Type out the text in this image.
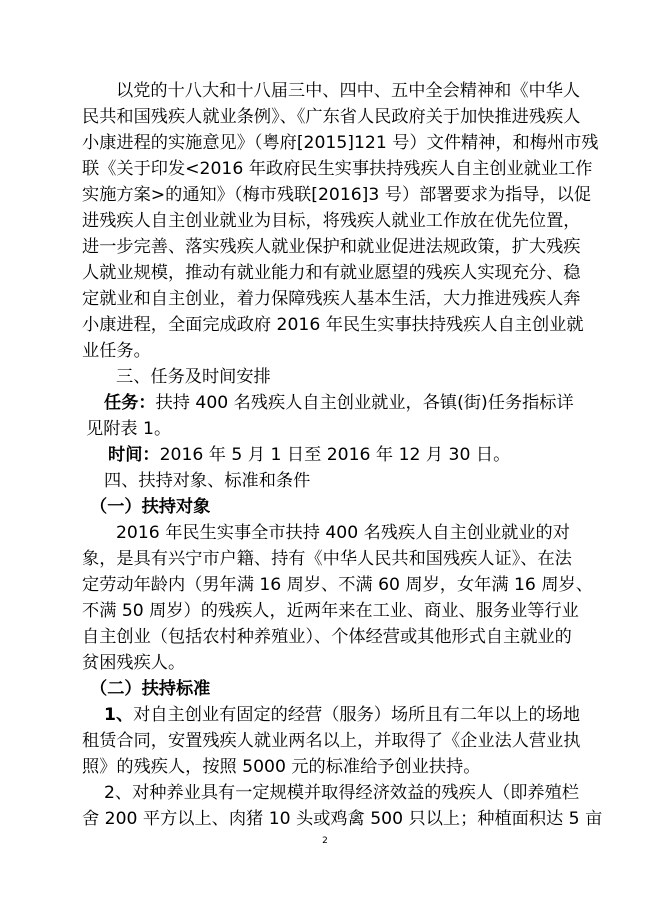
以党的十八大和十八届三中、四中、五中全会精神和《中华人
民共和国残疾人就业条例》、《广东省人民政府关于加快推进残疾人
小康进程的实施意见》（粤府[2015]121 号）文件精神，和梅州市残
联《关于印发<2016 年政府民生实事扶持残疾人自主创业就业工作
实施方案>的通知》（梅市残联[2016]3 号）部署要求为指导，以促
进残疾人自主创业就业为目标，将残疾人就业工作放在优先位置，
进一步完善、落实残疾人就业保护和就业促进法规政策，扩大残疾
人就业规模，推动有就业能力和有就业愿望的残疾人实现充分、稳
定就业和自主创业，着力保障残疾人基本生活，大力推进残疾人奔
小康进程，全面完成政府 2016 年民生实事扶持残疾人自主创业就
业任务。
三、任务及时间安排
任务：扶持 400 名残疾人自主创业就业，各镇(街)任务指标详
见附表 1。
时间：2016 年 5 月 1 日至 2016 年 12 月 30 日。
四、扶持对象、标准和条件
（一）扶持对象
2016 年民生实事全市扶持 400 名残疾人自主创业就业的对
象，是具有兴宁市户籍、持有《中华人民共和国残疾人证》、在法
定劳动年龄内（男年满 16 周岁、不满 60 周岁，女年满 16 周岁、
不满 50 周岁）的残疾人，近两年来在工业、商业、服务业等行业
自主创业（包括农村种养殖业）、个体经营或其他形式自主就业的
贫困残疾人。
（二）扶持标准
1、对自主创业有固定的经营（服务）场所且有二年以上的场地
租赁合同，安置残疾人就业两名以上，并取得了《企业法人营业执
照》的残疾人，按照 5000 元的标准给予创业扶持。
2、对种养业具有一定规模并取得经济效益的残疾人（即养殖栏
舍 200 平方以上、肉猪 10 头或鸡禽 500 只以上；种植面积达 5 亩
2
